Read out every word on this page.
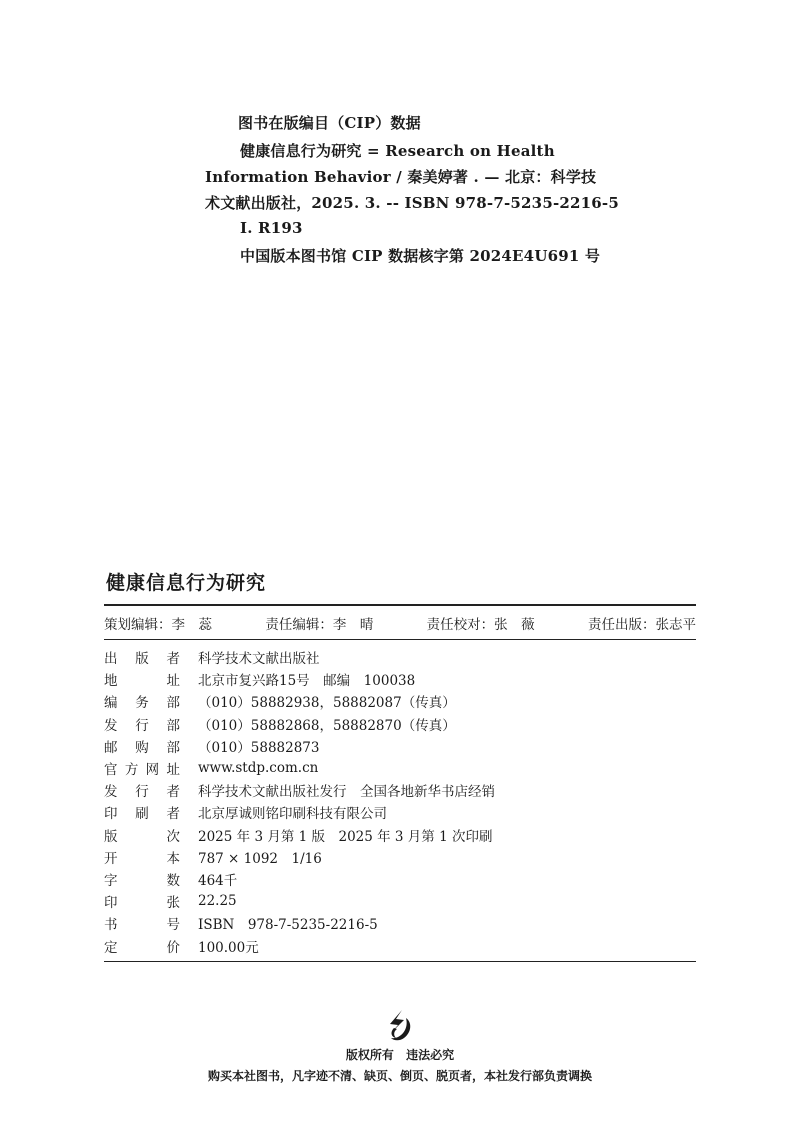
图书在版编目（CIP）数据
健康信息行为研究 = Research on Health
Information Behavior / 秦美婷著 . — 北京：科学技
术文献出版社，2025. 3. -- ISBN 978-7-5235-2216-5
Ⅰ. R193
中国版本图书馆 CIP 数据核字第 2024E4U691 号
健康信息行为研究
策划编辑：李　蕊	责任编辑：李　晴	责任校对：张　薇	责任出版：张志平
出 版 者 科学技术文献出版社
地	址 北京市复兴路15号　邮编　100038
编 务 部 （010）58882938，58882087（传真）
发 行 部 （010）58882868，58882870（传真）
邮 购 部 （010）58882873
官 方 网 址 www.stdp.com.cn
发 行 者 科学技术文献出版社发行　全国各地新华书店经销
印 刷 者 北京厚诚则铭印刷科技有限公司
版	次 2025 年 3 月第 1 版　2025 年 3 月第 1 次印刷
开	本 787 × 1092　1/16
字	数 464千
印	张 22.25
书	号 ISBN　978-7-5235-2216-5
定	价 100.00元
版权所有 违法必究
购买本社图书，凡字迹不清、缺页、倒页、脱页者，本社发行部负责调换
